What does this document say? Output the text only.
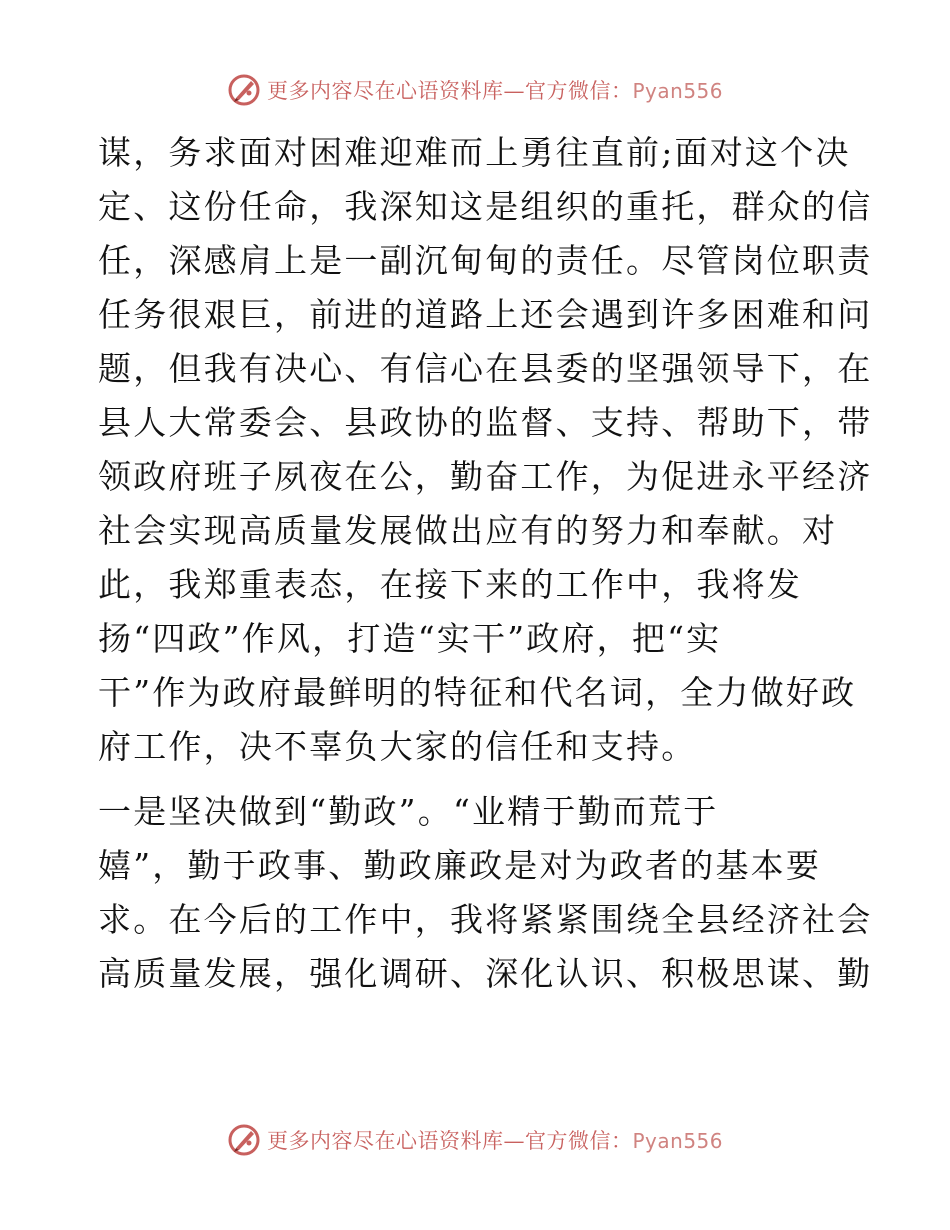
更多内容尽在心语资料库—官方微信：Pyan556
谋，务求面对困难迎难而上勇往直前;面对这个决
定、这份任命，我深知这是组织的重托，群众的信
任，深感肩上是一副沉甸甸的责任。尽管岗位职责
任务很艰巨，前进的道路上还会遇到许多困难和问
题，但我有决心、有信心在县委的坚强领导下，在
县人大常委会、县政协的监督、支持、帮助下，带
领政府班子夙夜在公，勤奋工作，为促进永平经济
社会实现高质量发展做出应有的努力和奉献。对
此，我郑重表态，在接下来的工作中，我将发
扬“四政”作风，打造“实干”政府，把“实
干”作为政府最鲜明的特征和代名词，全力做好政
府工作，决不辜负大家的信任和支持。
一是坚决做到“勤政”。“业精于勤而荒于
嬉”，勤于政事、勤政廉政是对为政者的基本要
求。在今后的工作中，我将紧紧围绕全县经济社会
高质量发展，强化调研、深化认识、积极思谋、勤
更多内容尽在心语资料库—官方微信：Pyan556
